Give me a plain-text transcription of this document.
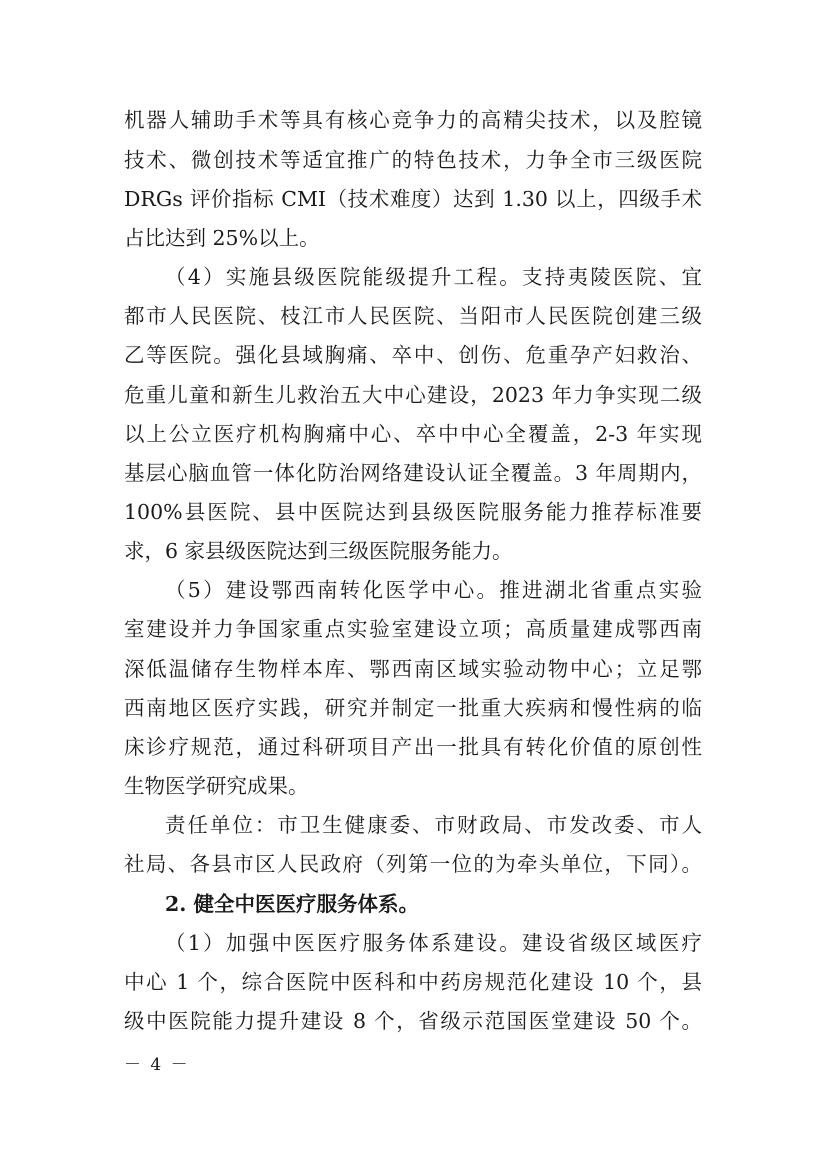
机器人辅助手术等具有核心竞争力的高精尖技术，以及腔镜
技术、微创技术等适宜推广的特色技术，力争全市三级医院
DRGs 评价指标 CMI（技术难度）达到 1.30 以上，四级手术
占比达到 25%以上。
（4）实施县级医院能级提升工程。支持夷陵医院、宜
都市人民医院、枝江市人民医院、当阳市人民医院创建三级
乙等医院。强化县域胸痛、卒中、创伤、危重孕产妇救治、
危重儿童和新生儿救治五大中心建设，2023 年力争实现二级
以上公立医疗机构胸痛中心、卒中中心全覆盖，2-3 年实现
基层心脑血管一体化防治网络建设认证全覆盖。3 年周期内，
100%县医院、县中医院达到县级医院服务能力推荐标准要
求，6 家县级医院达到三级医院服务能力。
（5）建设鄂西南转化医学中心。推进湖北省重点实验
室建设并力争国家重点实验室建设立项；高质量建成鄂西南
深低温储存生物样本库、鄂西南区域实验动物中心；立足鄂
西南地区医疗实践，研究并制定一批重大疾病和慢性病的临
床诊疗规范，通过科研项目产出一批具有转化价值的原创性
生物医学研究成果。
责任单位：市卫生健康委、市财政局、市发改委、市人
社局、各县市区人民政府（列第一位的为牵头单位，下同）。
2. 健全中医医疗服务体系。
（1）加强中医医疗服务体系建设。建设省级区域医疗
中心 1 个，综合医院中医科和中药房规范化建设 10 个，县
级中医院能力提升建设 8 个，省级示范国医堂建设 50 个。
－ 4 －
